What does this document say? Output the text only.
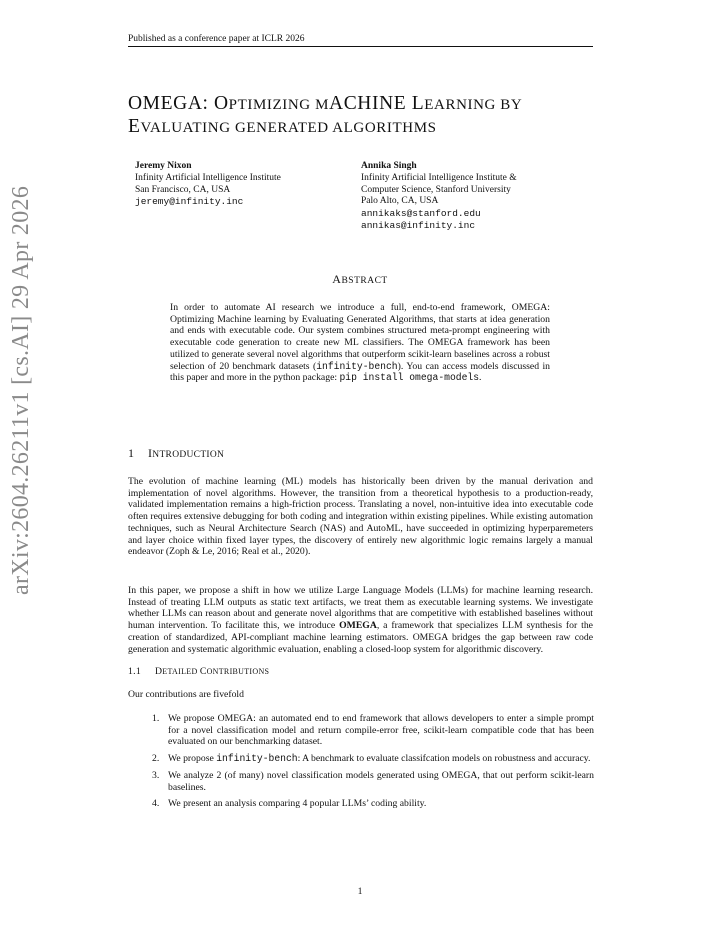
Published as a conference paper at ICLR 2026
arXiv:2604.26211v1 [cs.AI] 29 Apr 2026
OMEGA: OPTIMIZING MACHINE LEARNING BY
EVALUATING GENERATED ALGORITHMS
Jeremy Nixon
Infinity Artificial Intelligence Institute
San Francisco, CA, USA
jeremy@infinity.inc
Annika Singh
Infinity Artificial Intelligence Institute &
Computer Science, Stanford University
Palo Alto, CA, USA
annikaks@stanford.edu
annikas@infinity.inc
ABSTRACT
In order to automate AI research we introduce a full, end-to-end framework, OMEGA: Optimizing Machine learning by Evaluating Generated Algorithms, that starts at idea generation and ends with executable code. Our system combines structured meta-prompt engineering with executable code generation to create new ML classifiers. The OMEGA framework has been utilized to generate several novel algorithms that outperform scikit-learn baselines across a robust selection of 20 benchmark datasets (infinity-bench). You can access models discussed in this paper and more in the python package: pip install omega-models.
1 INTRODUCTION
The evolution of machine learning (ML) models has historically been driven by the manual derivation and implementation of novel algorithms. However, the transition from a theoretical hypothesis to a production-ready, validated implementation remains a high-friction process. Translating a novel, non-intuitive idea into executable code often requires extensive debugging for both coding and integration within existing pipelines. While existing automation techniques, such as Neural Architecture Search (NAS) and AutoML, have succeeded in optimizing hyperparemeters and layer choice within fixed layer types, the discovery of entirely new algorithmic logic remains largely a manual endeavor (Zoph & Le, 2016; Real et al., 2020).
In this paper, we propose a shift in how we utilize Large Language Models (LLMs) for machine learning research. Instead of treating LLM outputs as static text artifacts, we treat them as executable learning systems. We investigate whether LLMs can reason about and generate novel algorithms that are competitive with established baselines without human intervention. To facilitate this, we introduce OMEGA, a framework that specializes LLM synthesis for the creation of standardized, API-compliant machine learning estimators. OMEGA bridges the gap between raw code generation and systematic algorithmic evaluation, enabling a closed-loop system for algorithmic discovery.
1.1 DETAILED CONTRIBUTIONS
Our contributions are fivefold
1. We propose OMEGA: an automated end to end framework that allows developers to enter a simple prompt for a novel classification model and return compile-error free, scikit-learn compatible code that has been evaluated on our benchmarking dataset.
2. We propose infinity-bench: A benchmark to evaluate classifcation models on robustness and accuracy.
3. We analyze 2 (of many) novel classification models generated using OMEGA, that out perform scikit-learn baselines.
4. We present an analysis comparing 4 popular LLMs’ coding ability.
1
